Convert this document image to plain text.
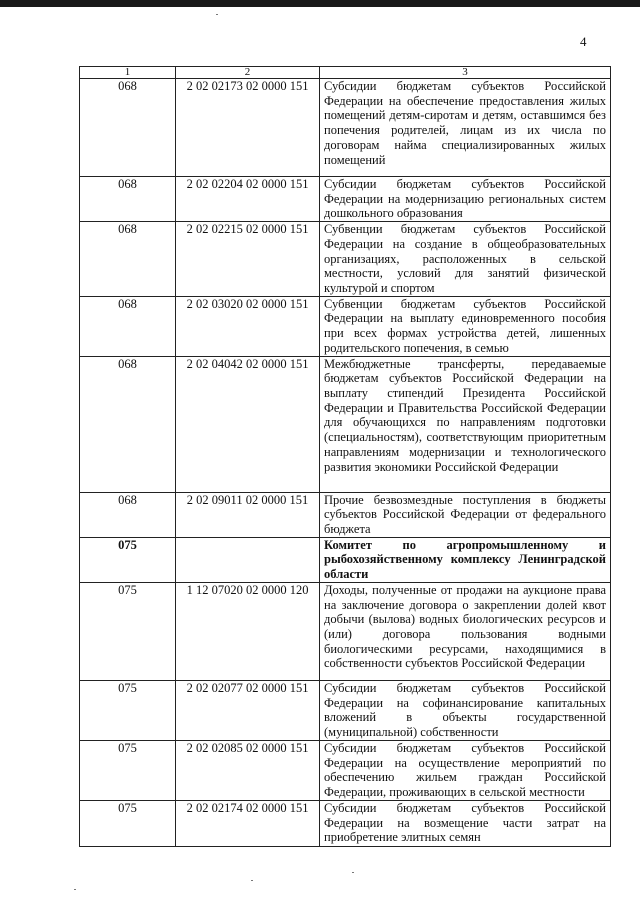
4
1	2	3
068	2 02 02173 02 0000 151	Субсидии бюджетам субъектов Российской Федерации на обеспечение предоставления жилых помещений детям-сиротам и детям, оставшимся без попечения родителей, лицам из их числа по договорам найма специализированных жилых помещений
068	2 02 02204 02 0000 151	Субсидии бюджетам субъектов Российской Федерации на модернизацию региональных систем дошкольного образования
068	2 02 02215 02 0000 151	Субвенции бюджетам субъектов Российской Федерации на создание в общеобразовательных организациях, расположенных в сельской местности, условий для занятий физической культурой и спортом
068	2 02 03020 02 0000 151	Субвенции бюджетам субъектов Российской Федерации на выплату единовременного пособия при всех формах устройства детей, лишенных родительского попечения, в семью
068	2 02 04042 02 0000 151	Межбюджетные трансферты, передаваемые бюджетам субъектов Российской Федерации на выплату стипендий Президента Российской Федерации и Правительства Российской Федерации для обучающихся по направлениям подготовки (специальностям), соответствующим приоритетным направлениям модернизации и технологического развития экономики Российской Федерации
068	2 02 09011 02 0000 151	Прочие безвозмездные поступления в бюджеты субъектов Российской Федерации от федерального бюджета
075		Комитет по агропромышленному и рыбохозяйственному комплексу Ленинградской области
075	1 12 07020 02 0000 120	Доходы, полученные от продажи на аукционе права на заключение договора о закреплении долей квот добычи (вылова) водных биологических ресурсов и (или) договора пользования водными биологическими ресурсами, находящимися в собственности субъектов Российской Федерации
075	2 02 02077 02 0000 151	Субсидии бюджетам субъектов Российской Федерации на софинансирование капитальных вложений в объекты государственной (муниципальной) собственности
075	2 02 02085 02 0000 151	Субсидии бюджетам субъектов Российской Федерации на осуществление мероприятий по обеспечению жильем граждан Российской Федерации, проживающих в сельской местности
075	2 02 02174 02 0000 151	Субсидии бюджетам субъектов Российской Федерации на возмещение части затрат на приобретение элитных семян
